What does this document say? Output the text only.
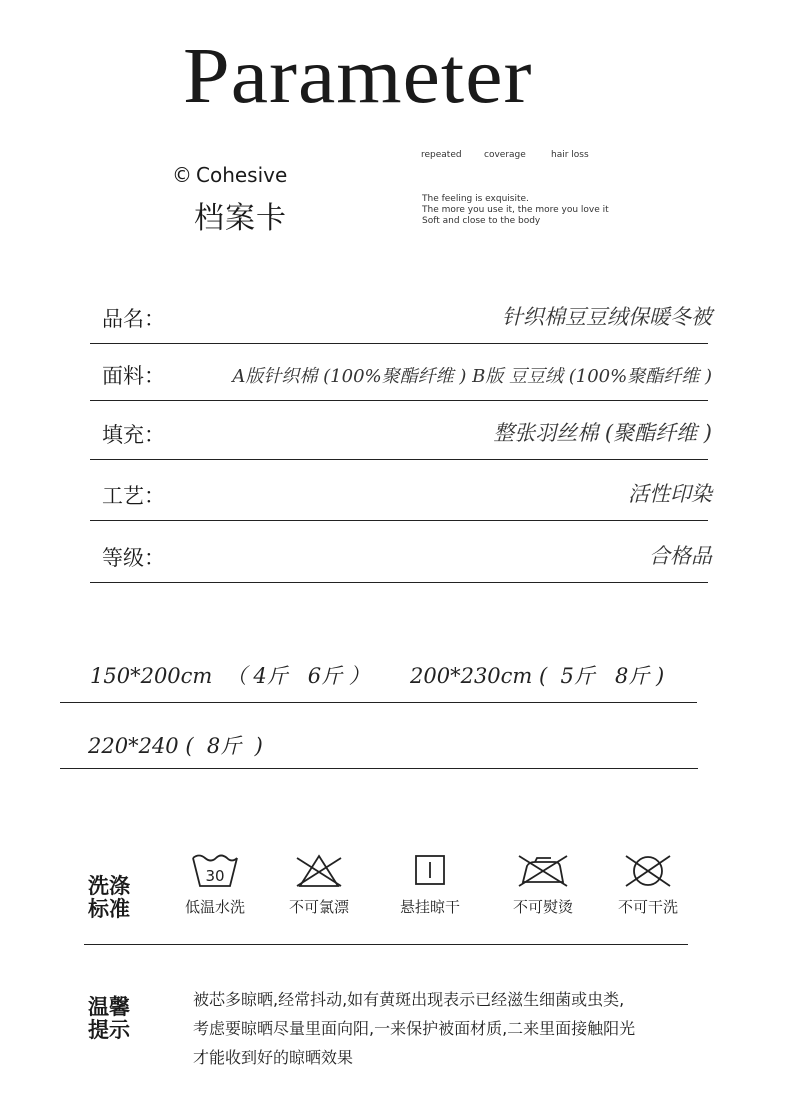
Parameter
© Cohesive
档案卡
repeated coverage	hair loss
The feeling is exquisite.
The more you use it, the more you love it
Soft and close to the body
品名：	针织棉豆豆绒保暖冬被
面料：	A版针织棉 (100%聚酯纤维 ) B版 豆豆绒 (100%聚酯纤维 )
填充：	整张羽丝棉 (聚酯纤维 )
工艺：	活性印染
等级：	合格品
150*200cm  （ 4斤   6斤 ） 200*230cm (  5斤   8斤 )
220*240 (  8斤  )
洗涤
标准
30
低温水洗	不可氯漂	悬挂晾干	不可熨烫	不可干洗
温馨
提示
被芯多晾晒,经常抖动,如有黄斑出现表示已经滋生细菌或虫类,
考虑要晾晒尽量里面向阳,一来保护被面材质,二来里面接触阳光
才能收到好的晾晒效果
